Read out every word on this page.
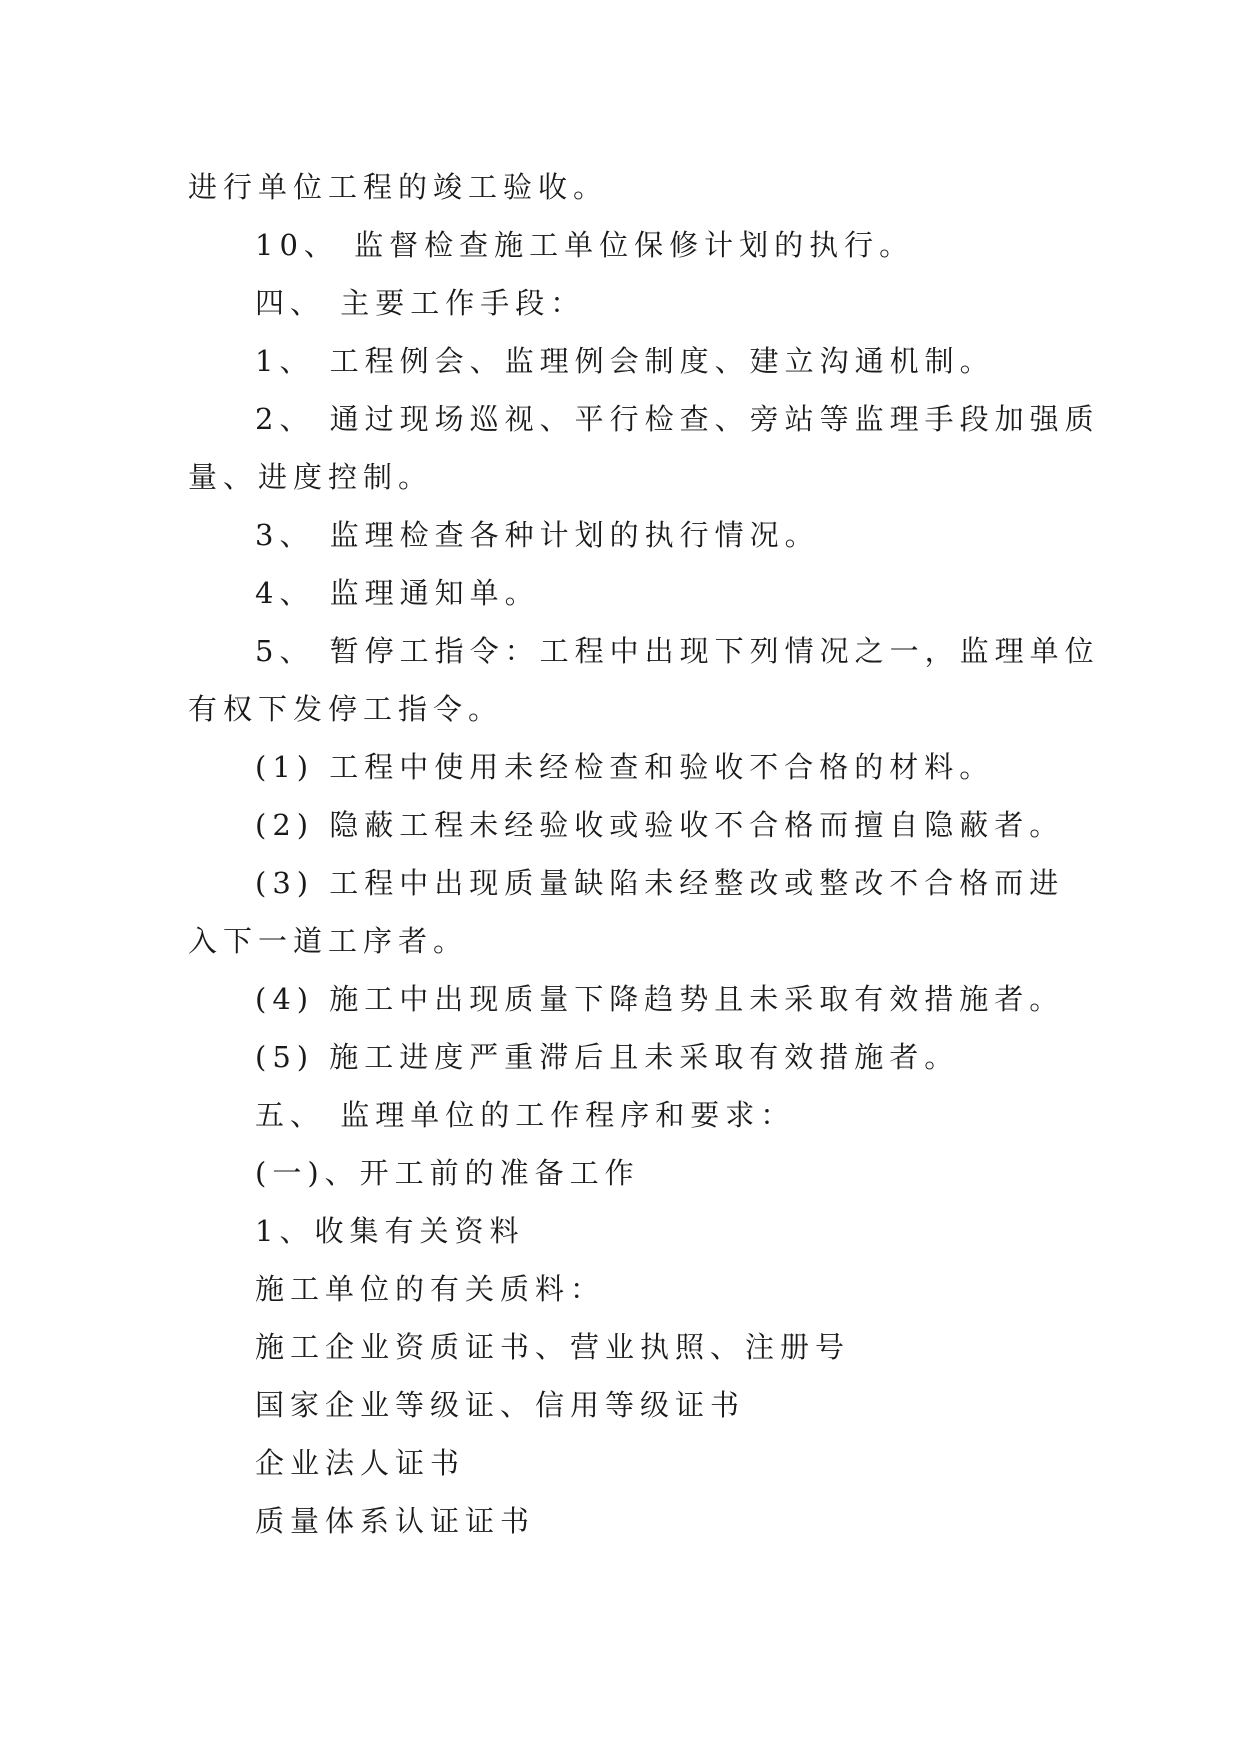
进行单位工程的竣工验收。
10、 监督检查施工单位保修计划的执行。
四、 主要工作手段：
1、 工程例会、监理例会制度、建立沟通机制。
2、 通过现场巡视、平行检查、旁站等监理手段加强质
量、进度控制。
3、 监理检查各种计划的执行情况。
4、 监理通知单。
5、 暂停工指令：工程中出现下列情况之一，监理单位
有权下发停工指令。
(1) 工程中使用未经检查和验收不合格的材料。
(2) 隐蔽工程未经验收或验收不合格而擅自隐蔽者。
(3) 工程中出现质量缺陷未经整改或整改不合格而进
入下一道工序者。
(4) 施工中出现质量下降趋势且未采取有效措施者。
(5) 施工进度严重滞后且未采取有效措施者。
五、 监理单位的工作程序和要求：
(一)、开工前的准备工作
1、收集有关资料
施工单位的有关质料：
施工企业资质证书、营业执照、注册号
国家企业等级证、信用等级证书
企业法人证书
质量体系认证证书
